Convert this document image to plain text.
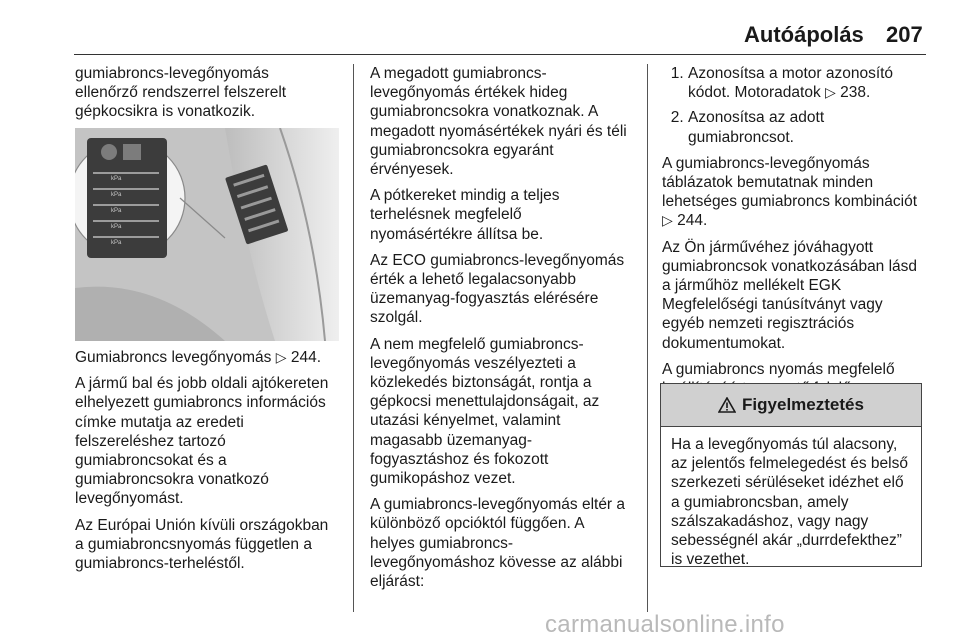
Autóápolás 207

gumiabroncs-levegőnyomás
ellenőrző rendszerrel felszerelt
gépkocsikra is vonatkozik.

kPa
kPa
kPa
kPa
kPa

Gumiabroncs levegőnyomás ▷ 244.

A jármű bal és jobb oldali ajtókereten
elhelyezett gumiabroncs információs
címke mutatja az eredeti
felszereléshez tartozó
gumiabroncsokat és a
gumiabroncsokra vonatkozó
levegőnyomást.

Az Európai Unión kívüli országokban
a gumiabroncsnyomás független a
gumiabroncs-terheléstől.

A megadott gumiabroncs-
levegőnyomás értékek hideg
gumiabroncsokra vonatkoznak. A
megadott nyomásértékek nyári és téli
gumiabroncsokra egyaránt
érvényesek.

A pótkereket mindig a teljes
terhelésnek megfelelő
nyomásértékre állítsa be.

Az ECO gumiabroncs-levegőnyomás
érték a lehető legalacsonyabb
üzemanyag-fogyasztás elérésére
szolgál.

A nem megfelelő gumiabroncs-
levegőnyomás veszélyezteti a
közlekedés biztonságát, rontja a
gépkocsi menettulajdonságait, az
utazási kényelmet, valamint
magasabb üzemanyag-
fogyasztáshoz és fokozott
gumikopáshoz vezet.

A gumiabroncs-levegőnyomás eltér a
különböző opcióktól függően. A
helyes gumiabroncs-
levegőnyomáshoz kövesse az alábbi
eljárást:

1. Azonosítsa a motor azonosító
kódot. Motoradatok ▷ 238.
2. Azonosítsa az adott
gumiabroncsot.

A gumiabroncs-levegőnyomás
táblázatok bemutatnak minden
lehetséges gumiabroncs kombinációt
▷ 244.

Az Ön járművéhez jóváhagyott
gumiabroncsok vonatkozásában lásd
a járműhöz mellékelt EGK
Megfelelőségi tanúsítványt vagy
egyéb nemzeti regisztrációs
dokumentumokat.

A gumiabroncs nyomás megfelelő

Figyelmeztetés
Ha a levegőnyomás túl alacsony,
az jelentős felmelegedést és belső
szerkezeti sérüléseket idézhet elő
a gumiabroncsban, amely
szálszakadáshoz, vagy nagy
sebességnél akár „durrdefekthez”
is vezethet.
carmanualsonline.info
